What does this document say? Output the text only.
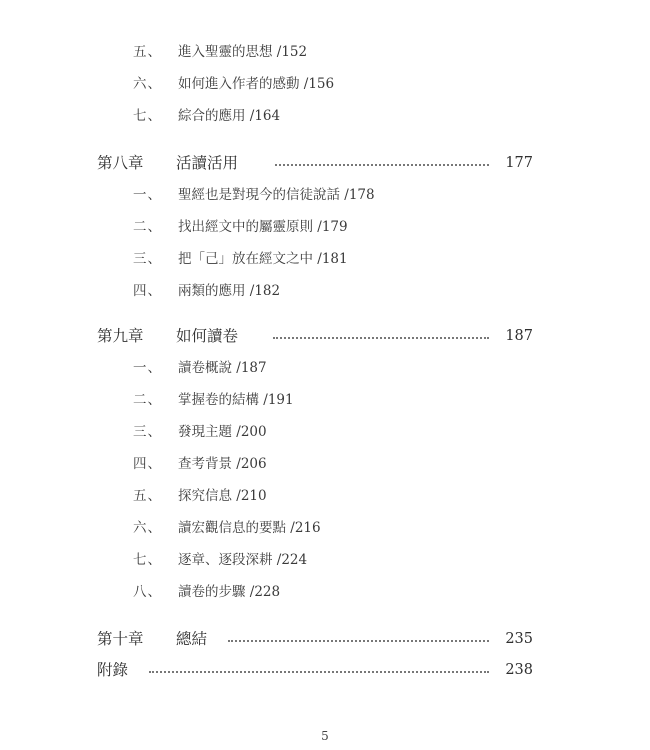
五、 進入聖靈的思想 /152
六、 如何進入作者的感動 /156
七、 綜合的應用 /164
第八章 活讀活用	177
一、 聖經也是對現今的信徒說話 /178
二、 找出經文中的屬靈原則 /179
三、 把「己」放在經文之中 /181
四、 兩類的應用 /182
第九章 如何讀卷	187
一、 讀卷概說 /187
二、 掌握卷的結構 /191
三、 發現主題 /200
四、 查考背景 /206
五、 探究信息 /210
六、 讀宏觀信息的要點 /216
七、 逐章、逐段深耕 /224
八、 讀卷的步驟 /228
第十章 總結	235
附錄	238
5
